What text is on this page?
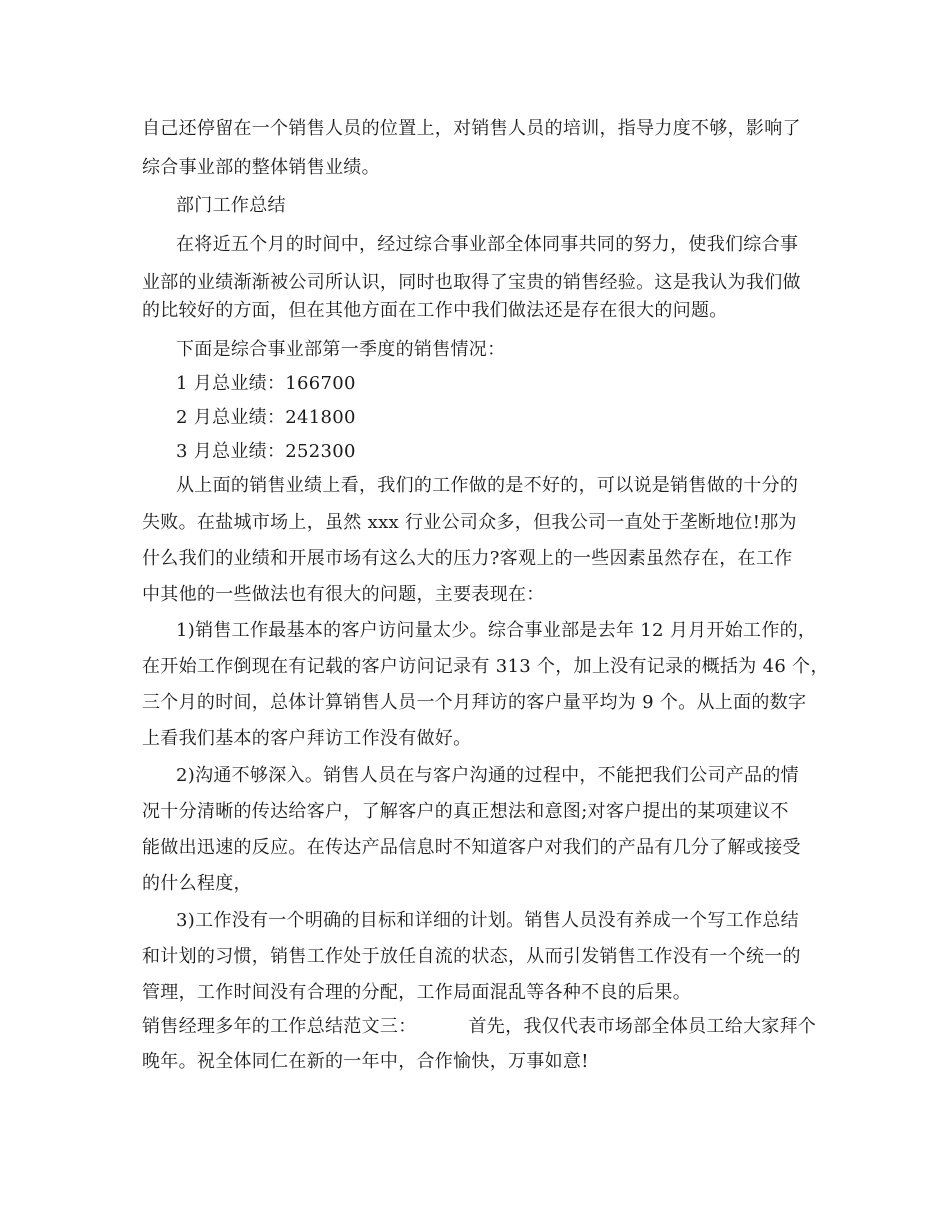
自己还停留在一个销售人员的位置上，对销售人员的培训，指导力度不够，影响了
综合事业部的整体销售业绩。
部门工作总结
在将近五个月的时间中，经过综合事业部全体同事共同的努力，使我们综合事
业部的业绩渐渐被公司所认识，同时也取得了宝贵的销售经验。这是我认为我们做
的比较好的方面，但在其他方面在工作中我们做法还是存在很大的问题。
下面是综合事业部第一季度的销售情况：
1 月总业绩：166700
2 月总业绩：241800
3 月总业绩：252300
从上面的销售业绩上看，我们的工作做的是不好的，可以说是销售做的十分的
失败。在盐城市场上，虽然 xxx 行业公司众多，但我公司一直处于垄断地位!那为
什么我们的业绩和开展市场有这么大的压力?客观上的一些因素虽然存在，在工作
中其他的一些做法也有很大的问题，主要表现在：
1)销售工作最基本的客户访问量太少。综合事业部是去年 12 月月开始工作的，
在开始工作倒现在有记载的客户访问记录有 313 个，加上没有记录的概括为 46 个，
三个月的时间，总体计算销售人员一个月拜访的客户量平均为 9 个。从上面的数字
上看我们基本的客户拜访工作没有做好。
2)沟通不够深入。销售人员在与客户沟通的过程中，不能把我们公司产品的情
况十分清晰的传达给客户，了解客户的真正想法和意图;对客户提出的某项建议不
能做出迅速的反应。在传达产品信息时不知道客户对我们的产品有几分了解或接受
的什么程度，
3)工作没有一个明确的目标和详细的计划。销售人员没有养成一个写工作总结
和计划的习惯，销售工作处于放任自流的状态，从而引发销售工作没有一个统一的
管理，工作时间没有合理的分配，工作局面混乱等各种不良的后果。
销售经理多年的工作总结范文三：	首先，我仅代表市场部全体员工给大家拜个
晚年。祝全体同仁在新的一年中，合作愉快，万事如意!
